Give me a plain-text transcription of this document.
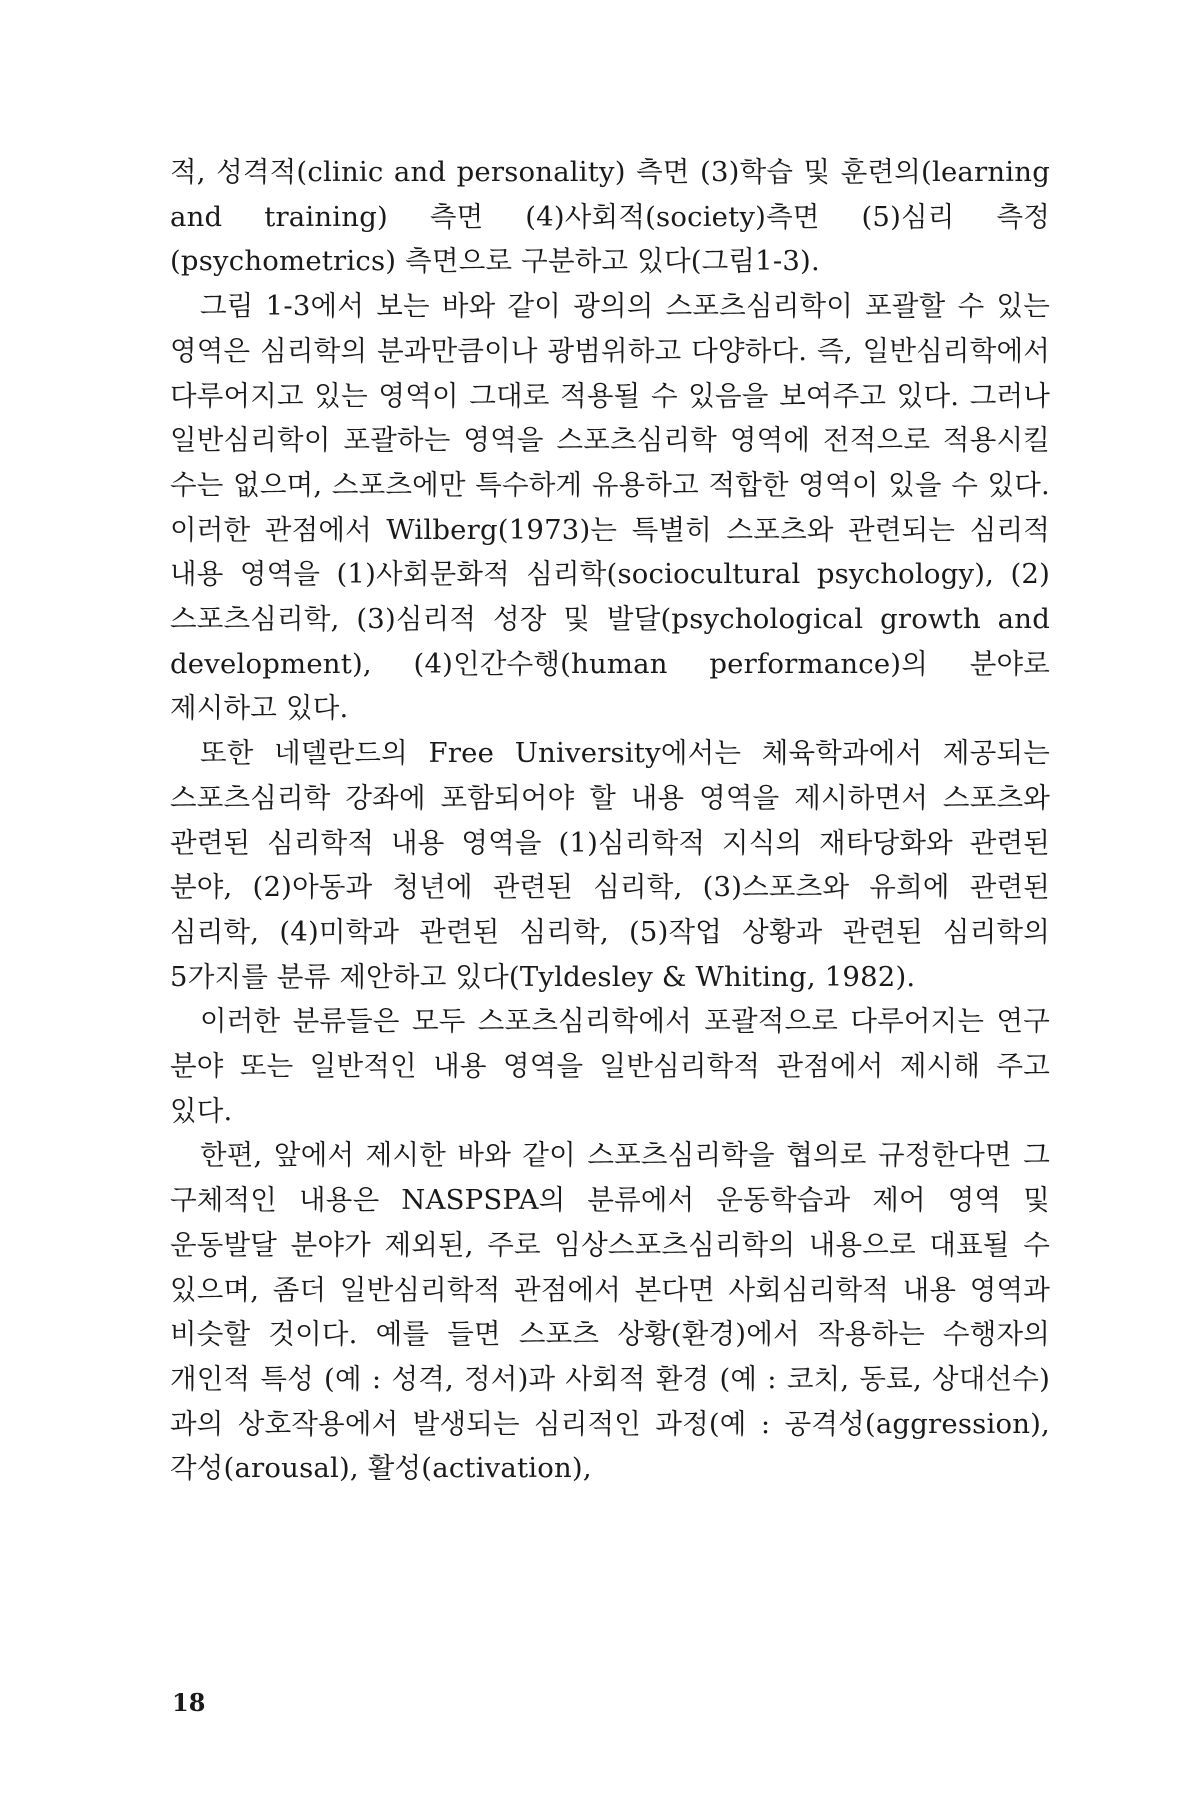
적, 성격적(clinic and personality) 측면 (3)학습 및 훈련의(learning and training) 측면 (4)사회적(society)측면 (5)심리 측정(psychometrics) 측면으로 구분하고 있다(그림1-3).

그림 1-3에서 보는 바와 같이 광의의 스포츠심리학이 포괄할 수 있는 영역은 심리학의 분과만큼이나 광범위하고 다양하다. 즉, 일반심리학에서 다루어지고 있는 영역이 그대로 적용될 수 있음을 보여주고 있다. 그러나 일반심리학이 포괄하는 영역을 스포츠심리학 영역에 전적으로 적용시킬 수는 없으며, 스포츠에만 특수하게 유용하고 적합한 영역이 있을 수 있다. 이러한 관점에서 Wilberg(1973)는 특별히 스포츠와 관련되는 심리적 내용 영역을 (1)사회문화적 심리학(sociocultural psychology), (2)스포츠심리학, (3)심리적 성장 및 발달(psychological growth and development), (4)인간수행(human performance)의 분야로 제시하고 있다.

또한 네델란드의 Free University에서는 체육학과에서 제공되는 스포츠심리학 강좌에 포함되어야 할 내용 영역을 제시하면서 스포츠와 관련된 심리학적 내용 영역을 (1)심리학적 지식의 재타당화와 관련된 분야, (2)아동과 청년에 관련된 심리학, (3)스포츠와 유희에 관련된 심리학, (4)미학과 관련된 심리학, (5)작업 상황과 관련된 심리학의 5가지를 분류 제안하고 있다(Tyldesley & Whiting, 1982).

이러한 분류들은 모두 스포츠심리학에서 포괄적으로 다루어지는 연구 분야 또는 일반적인 내용 영역을 일반심리학적 관점에서 제시해 주고 있다.

한편, 앞에서 제시한 바와 같이 스포츠심리학을 협의로 규정한다면 그 구체적인 내용은 NASPSPA의 분류에서 운동학습과 제어 영역 및 운동발달 분야가 제외된, 주로 임상스포츠심리학의 내용으로 대표될 수 있으며, 좀더 일반심리학적 관점에서 본다면 사회심리학적 내용 영역과 비슷할 것이다. 예를 들면 스포츠 상황(환경)에서 작용하는 수행자의 개인적 특성 (예 : 성격, 정서)과 사회적 환경 (예 : 코치, 동료, 상대선수)과의 상호작용에서 발생되는 심리적인 과정(예 : 공격성(aggression), 각성(arousal), 활성(activation),

18
